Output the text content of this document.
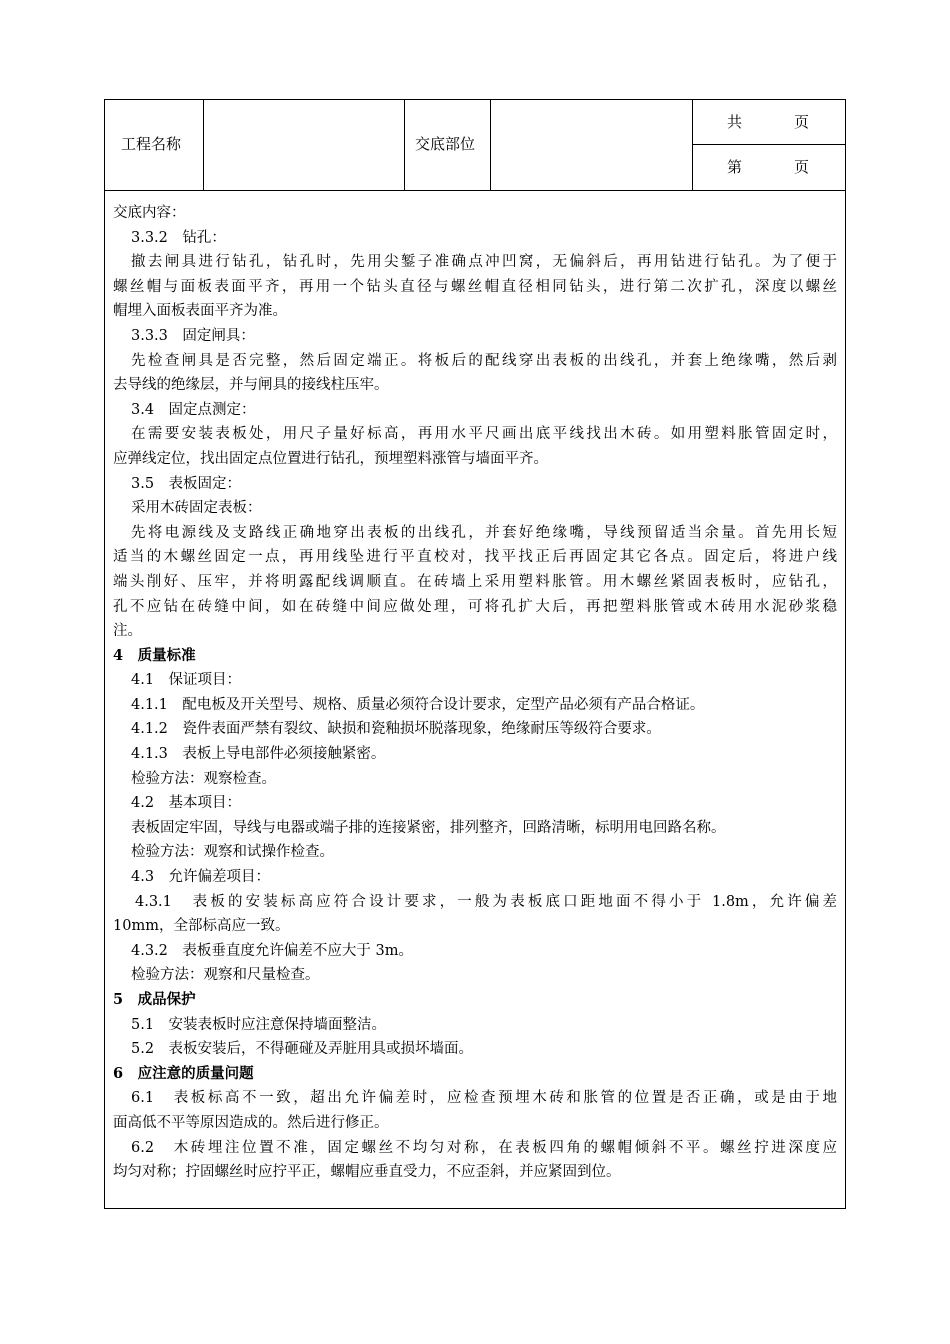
工程名称	交底部位
共	页
第	页
交底内容：
3.3.2　钻孔：
撤去闸具进行钻孔，钻孔时，先用尖錾子准确点冲凹窝，无偏斜后，再用钻进行钻孔。为了便于
螺丝帽与面板表面平齐，再用一个钻头直径与螺丝帽直径相同钻头，进行第二次扩孔，深度以螺丝
帽埋入面板表面平齐为准。
3.3.3　固定闸具：
先检查闸具是否完整，然后固定端正。将板后的配线穿出表板的出线孔，并套上绝缘嘴，然后剥
去导线的绝缘层，并与闸具的接线柱压牢。
3.4　固定点测定：
在需要安装表板处，用尺子量好标高，再用水平尺画出底平线找出木砖。如用塑料胀管固定时，
应弹线定位，找出固定点位置进行钻孔，预埋塑料涨管与墙面平齐。
3.5　表板固定：
采用木砖固定表板：
先将电源线及支路线正确地穿出表板的出线孔，并套好绝缘嘴，导线预留适当余量。首先用长短
适当的木螺丝固定一点，再用线坠进行平直校对，找平找正后再固定其它各点。固定后，将进户线
端头削好、压牢，并将明露配线调顺直。在砖墙上采用塑料胀管。用木螺丝紧固表板时，应钻孔，
孔不应钻在砖缝中间，如在砖缝中间应做处理，可将孔扩大后，再把塑料胀管或木砖用水泥砂浆稳
注。
4　质量标准
4.1　保证项目：
4.1.1　配电板及开关型号、规格、质量必须符合设计要求，定型产品必须有产品合格证。
4.1.2　瓷件表面严禁有裂纹、缺损和瓷釉损坏脱落现象，绝缘耐压等级符合要求。
4.1.3　表板上导电部件必须接触紧密。
检验方法：观察检查。
4.2　基本项目：
表板固定牢固，导线与电器或端子排的连接紧密，排列整齐，回路清晰，标明用电回路名称。
检验方法：观察和试操作检查。
4.3　允许偏差项目：
4.3.1　表板的安装标高应符合设计要求，一般为表板底口距地面不得小于 1.8m，允许偏差
10mm，全部标高应一致。
4.3.2　表板垂直度允许偏差不应大于 3m。
检验方法：观察和尺量检查。
5　成品保护
5.1　安装表板时应注意保持墙面整洁。
5.2　表板安装后，不得砸碰及弄脏用具或损坏墙面。
6　应注意的质量问题
6.1　表板标高不一致，超出允许偏差时，应检查预埋木砖和胀管的位置是否正确，或是由于地
面高低不平等原因造成的。然后进行修正。
6.2　木砖埋注位置不准，固定螺丝不均匀对称，在表板四角的螺帽倾斜不平。螺丝拧进深度应
均匀对称；拧固螺丝时应拧平正，螺帽应垂直受力，不应歪斜，并应紧固到位。
